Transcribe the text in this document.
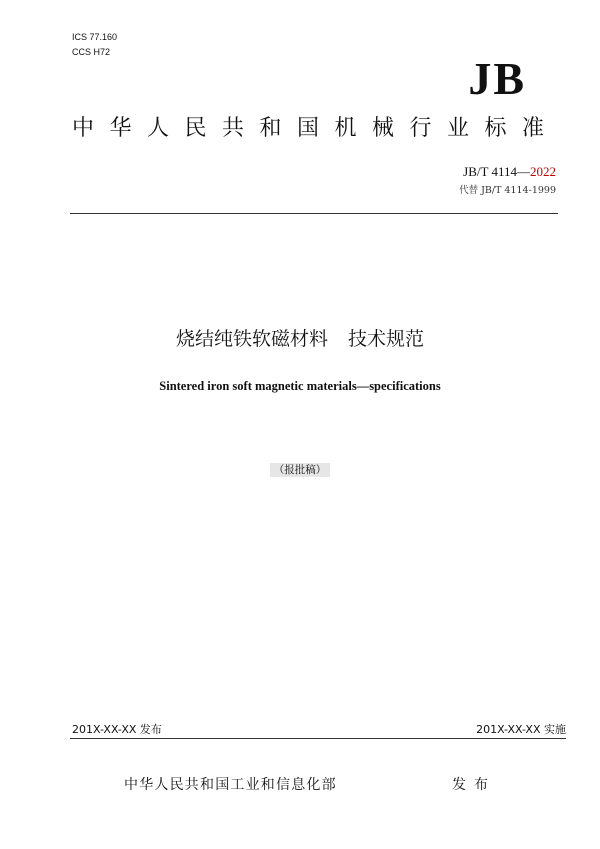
ICS 77.160
CCS H72
JB
中华人民共和国机械行业标准
JB/T 4114—2022
代替 JB/T 4114-1999
烧结纯铁软磁材料 技术规范
Sintered iron soft magnetic materials—specifications
（报批稿）
201X-XX-XX 发布	201X-XX-XX 实施
中华人民共和国工业和信息化部	发布
